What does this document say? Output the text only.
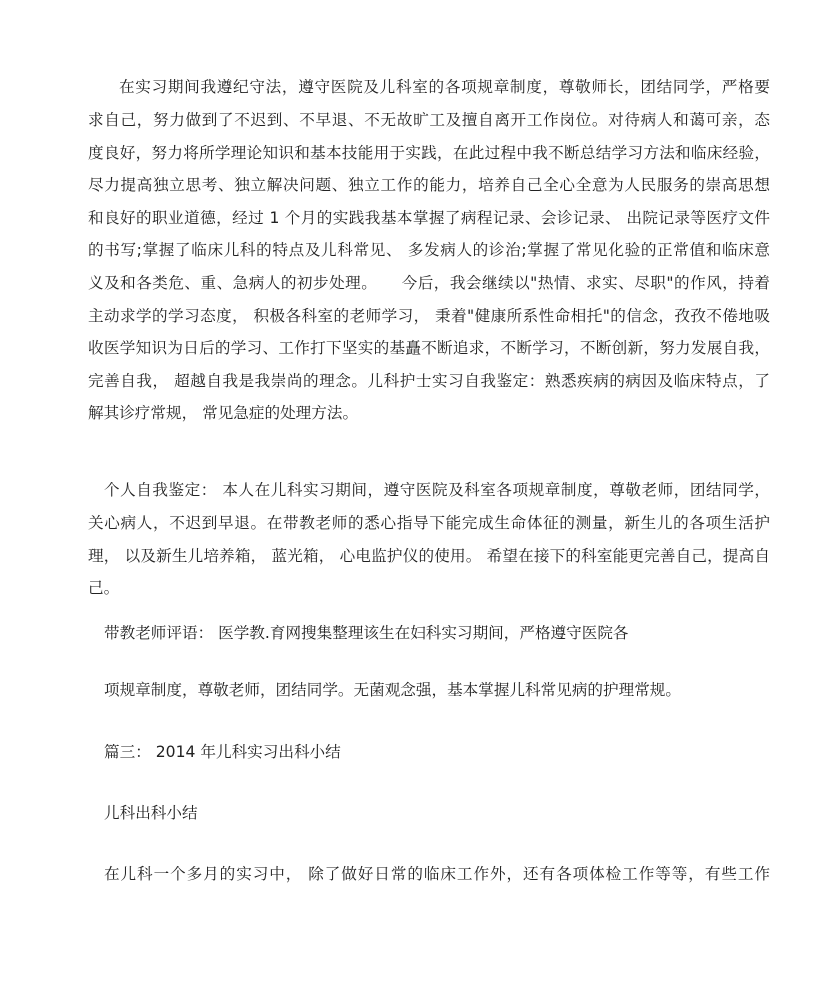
在实习期间我遵纪守法，遵守医院及儿科室的各项规章制度，尊敬师长，团结同学，严格要
求自己，努力做到了不迟到、不早退、不无故旷工及擅自离开工作岗位。对待病人和蔼可亲，态
度良好，努力将所学理论知识和基本技能用于实践，在此过程中我不断总结学习方法和临床经验，
尽力提高独立思考、独立解决问题、独立工作的能力，培养自己全心全意为人民服务的崇高思想
和良好的职业道德，经过 1 个月的实践我基本掌握了病程记录、会诊记录、 出院记录等医疗文件
的书写;掌握了临床儿科的特点及儿科常见、 多发病人的诊治;掌握了常见化验的正常值和临床意
义及和各类危、重、急病人的初步处理。　　今后，我会继续以"热情、求实、尽职"的作风，持着
主动求学的学习态度， 积极各科室的老师学习， 秉着"健康所系性命相托"的信念，孜孜不倦地吸
收医学知识为日后的学习、工作打下坚实的基矗不断追求，不断学习，不断创新，努力发展自我，
完善自我， 超越自我是我崇尚的理念。儿科护士实习自我鉴定：熟悉疾病的病因及临床特点，了
解其诊疗常规， 常见急症的处理方法。
个人自我鉴定： 本人在儿科实习期间，遵守医院及科室各项规章制度，尊敬老师，团结同学，
关心病人，不迟到早退。在带教老师的悉心指导下能完成生命体征的测量，新生儿的各项生活护
理， 以及新生儿培养箱， 蓝光箱， 心电监护仪的使用。 希望在接下的科室能更完善自己，提高自
己。
带教老师评语： 医学教.育网搜集整理该生在妇科实习期间，严格遵守医院各
项规章制度，尊敬老师，团结同学。无菌观念强，基本掌握儿科常见病的护理常规。
篇三： 2014 年儿科实习出科小结
儿科出科小结
在儿科一个多月的实习中， 除了做好日常的临床工作外，还有各项体检工作等等，有些工作
